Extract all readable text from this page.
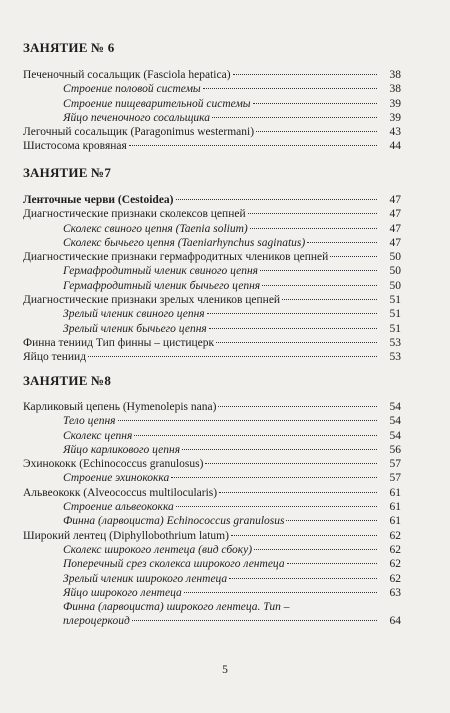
ЗАНЯТИЕ № 6
Печеночный сосальщик (Fasciola hepatica)	38
Строение половой системы	38
Строение пищеварительной системы	39
Яйцо печеночного сосальщика	39
Легочный сосальщик (Paragonimus westermani)	43
Шистосома кровяная	44
ЗАНЯТИЕ №7
Ленточные черви (Cestoidea)	47
Диагностические признаки сколексов цепней	47
Сколекс свиного цепня (Taenia solium)	47
Сколекс бычьего цепня (Taeniarhynchus saginatus)	47
Диагностические признаки гермафродитных члеников цепней	50
Гермафродитный членик свиного цепня	50
Гермафродитный членик бычьего цепня	50
Диагностические признаки зрелых члеников цепней	51
Зрелый членик свиного цепня	51
Зрелый членик бычьего цепня	51
Финна тениид Тип финны – цистицерк	53
Яйцо тениид	53
ЗАНЯТИЕ №8
Карликовый цепень (Hymenolepis nana)	54
Тело цепня	54
Сколекс цепня	54
Яйцо карликового цепня	56
Эхинококк (Echinococcus granulosus)	57
Строение эхинококка	57
Альвеококк (Alveococcus multilocularis)	61
Строение альвеококка	61
Финна (ларвоциста) Echinococcus granulosus	61
Широкий лентец (Diphyllobothrium latum)	62
Сколекс широкого лентеца (вид сбоку)	62
Поперечный срез сколекса широкого лентеца	62
Зрелый членик широкого лентеца	62
Яйцо широкого лентеца	63
Финна (ларвоциста) широкого лентеца. Тип –
плероцеркоид	64
5
